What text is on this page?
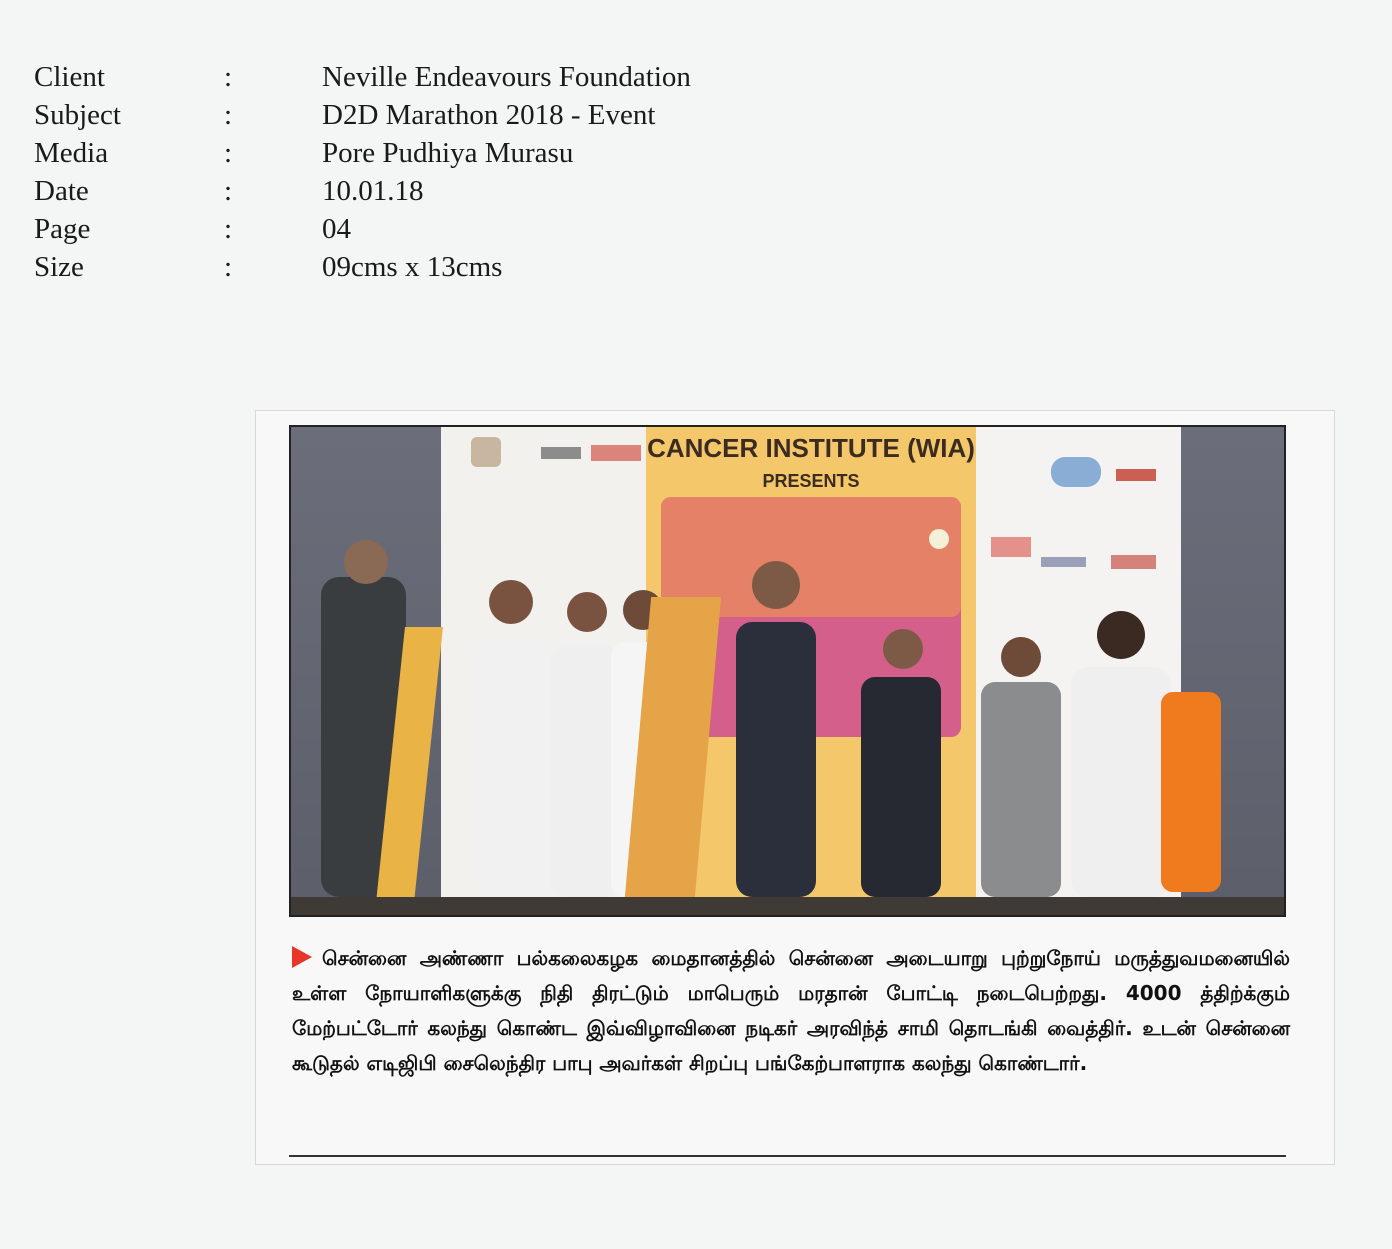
Client	:	Neville Endeavours Foundation
Subject	:	D2D Marathon 2018 - Event
Media	:	Pore Pudhiya Murasu
Date	:	10.01.18
Page	:	04
Size	:	09cms x 13cms
CANCER INSTITUTE (WIA)
PRESENTS
சென்னை அண்ணா பல்கலைகழக மைதானத்தில் சென்னை அடையாறு புற்றுநோய் மருத்துவமனையில் உள்ள நோயாளிகளுக்கு நிதி திரட்டும் மாபெரும் மரதான் போட்டி நடைபெற்றது. 4000 த்திற்க்கும் மேற்பட்டோர் கலந்து கொண்ட இவ்விழாவினை நடிகர் அரவிந்த் சாமி தொடங்கி வைத்திர். உடன் சென்னை கூடுதல் எடிஜிபி சைலெந்திர பாபு அவர்கள் சிறப்பு பங்கேற்பாளராக கலந்து கொண்டார்.
